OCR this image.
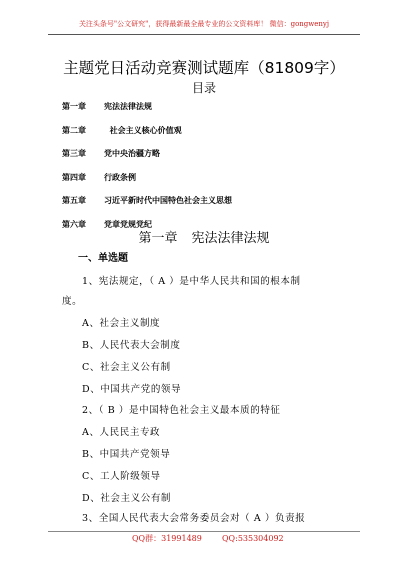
关注头条号"公文研究"，获得最新最全最专业的公文资料库！ 微信：gongwenyj
主题党日活动竞赛测试题库（81809字）
目录
第一章 宪法法律法规
第二章  社会主义核心价值观
第三章 党中央治疆方略
第四章 行政条例
第五章 习近平新时代中国特色社会主义思想
第六章 党章党规党纪
第一章 宪法法律法规
一、单选题
1、宪法规定，（ A ）是中华人民共和国的根本制
度。
A、社会主义制度
B、人民代表大会制度
C、社会主义公有制
D、中国共产党的领导
2、（ B ）是中国特色社会主义最本质的特征
A、人民民主专政
B、中国共产党领导
C、工人阶级领导
D、社会主义公有制
3、全国人民代表大会常务委员会对（ A ）负责报
QQ群：31991489	QQ:535304092
